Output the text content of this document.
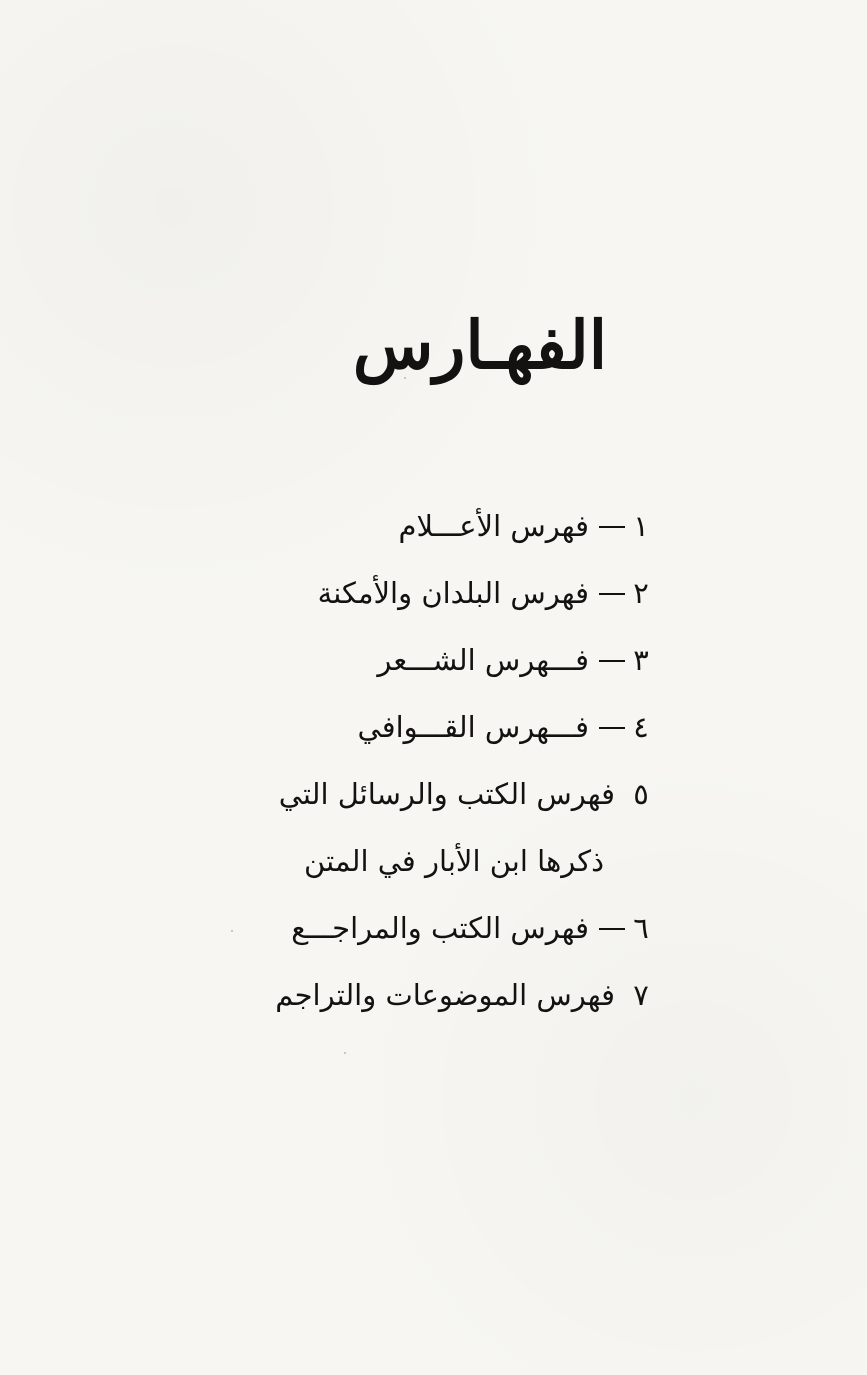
الفهـارس
١
فهرس الأعـــلام
٢
فهرس البلدان والأمكنة
٣
فـــهرس الشـــعر
٤
فـــهرس القـــوافي
٥
فهرس الكتب والرسائل التي
ذكرها ابن الأبار في المتن
٦
فهرس الكتب والمراجـــع
٧
فهرس الموضوعات والتراجم
